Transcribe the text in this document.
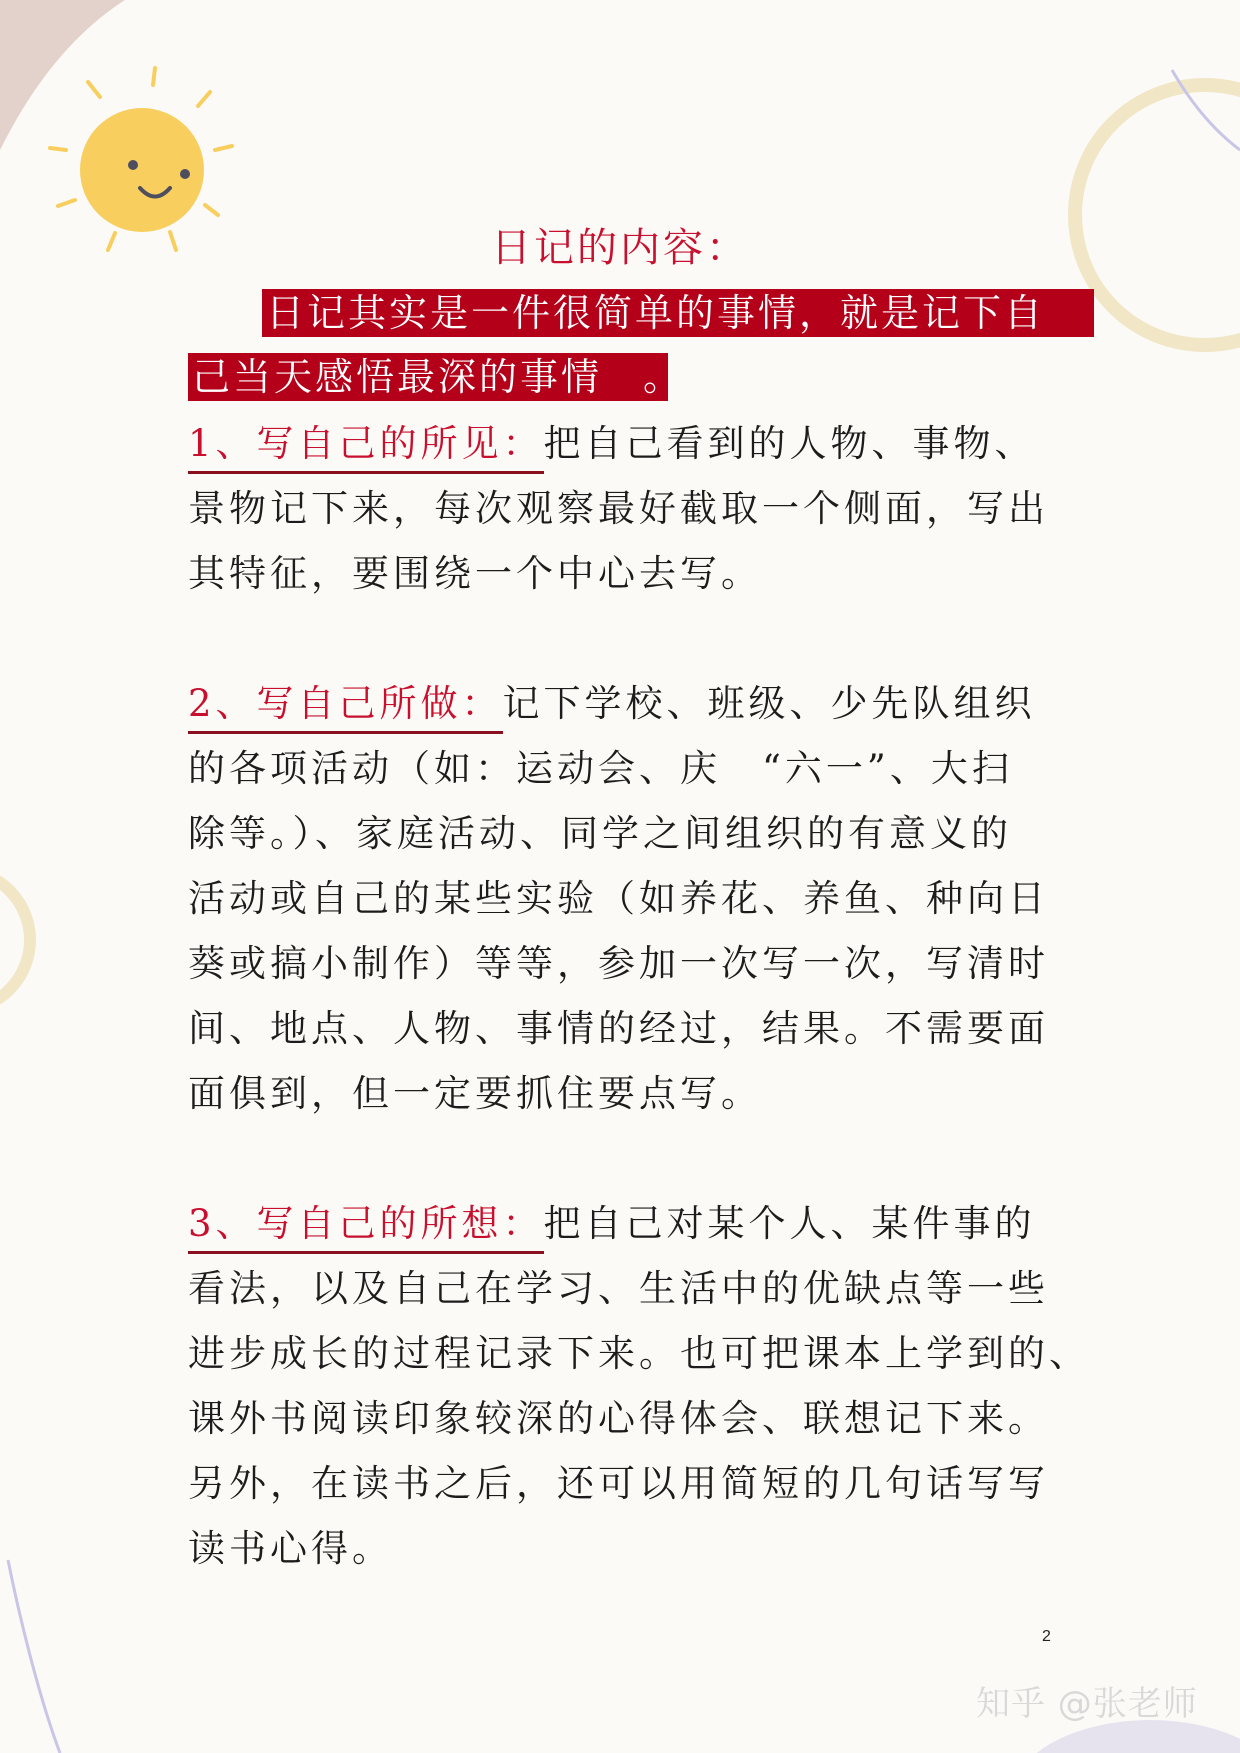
日记的内容：
日记其实是一件很简单的事情，就是记下自
己当天感悟最深的事情　。
1、写自己的所见：把自己看到的人物、事物、
景物记下来，每次观察最好截取一个侧面，写出
其特征，要围绕一个中心去写。
2、写自己所做：记下学校、班级、少先队组织
的各项活动（如：运动会、庆　“六一”、大扫
除等。）、家庭活动、同学之间组织的有意义的
活动或自己的某些实验（如养花、养鱼、种向日
葵或搞小制作）等等，参加一次写一次，写清时
间、地点、人物、事情的经过，结果。不需要面
面俱到，但一定要抓住要点写。
3、写自己的所想：把自己对某个人、某件事的
看法，以及自己在学习、生活中的优缺点等一些
进步成长的过程记录下来。也可把课本上学到的、
课外书阅读印象较深的心得体会、联想记下来。
另外，在读书之后，还可以用简短的几句话写写
读书心得。
2
知乎 @张老师
